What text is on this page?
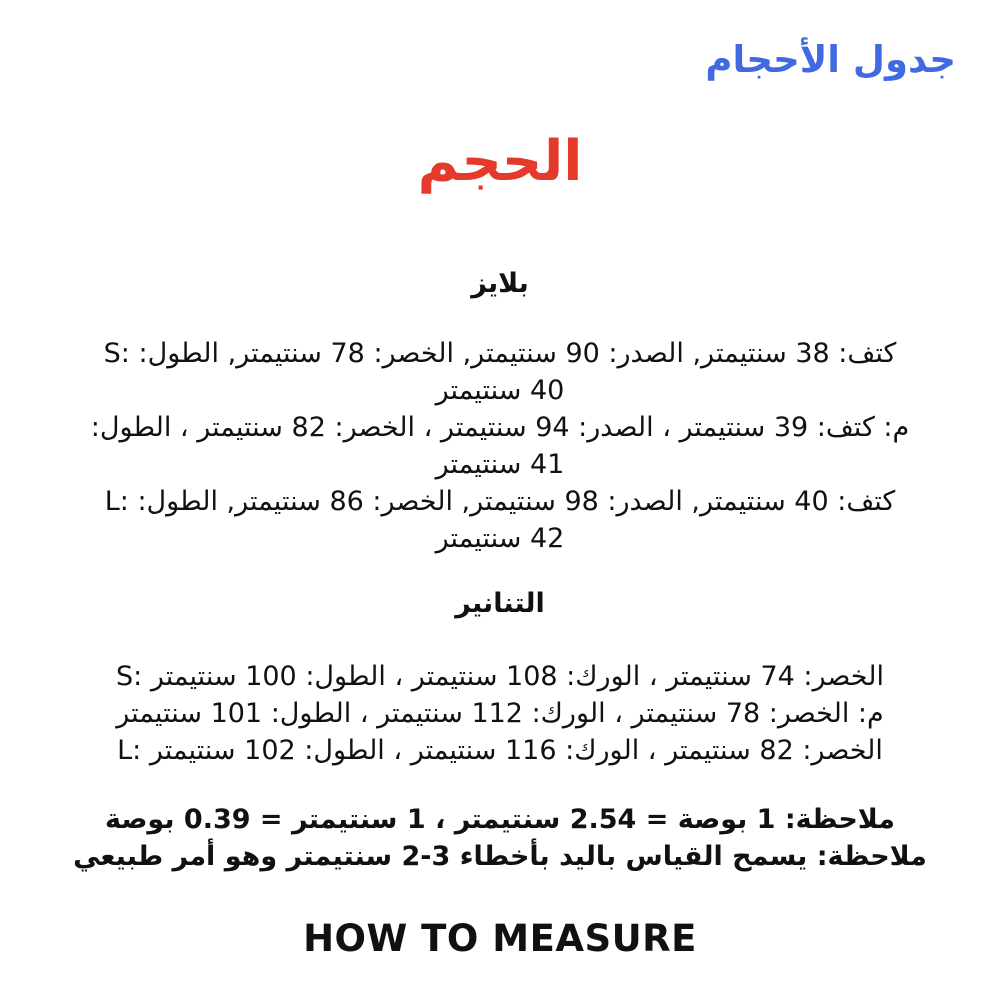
جدول الأحجام
الحجم
بلايز
S: كتف: 38 سنتيمتر, الصدر: 90 سنتيمتر, الخصر: 78 سنتيمتر, الطول:‏
40 سنتيمتر
م: كتف: 39 سنتيمتر ، الصدر: 94 سنتيمتر ، الخصر: 82 سنتيمتر ، الطول:
41 سنتيمتر
L: كتف: 40 سنتيمتر, الصدر: 98 سنتيمتر, الخصر: 86 سنتيمتر, الطول:‏
42 سنتيمتر
التنانير
S: الخصر: 74 سنتيمتر ، الورك: 108 سنتيمتر ، الطول: 100 سنتيمتر
م: الخصر: 78 سنتيمتر ، الورك: 112 سنتيمتر ، الطول: 101 سنتيمتر
L: الخصر: 82 سنتيمتر ، الورك: 116 سنتيمتر ، الطول: 102 سنتيمتر
ملاحظة: 1 بوصة = 2.54 سنتيمتر ، 1 سنتيمتر = 0.39 بوصة
ملاحظة: يسمح القياس باليد بأخطاء 3-2 سنتيمتر وهو أمر طبيعي
HOW TO MEASURE
